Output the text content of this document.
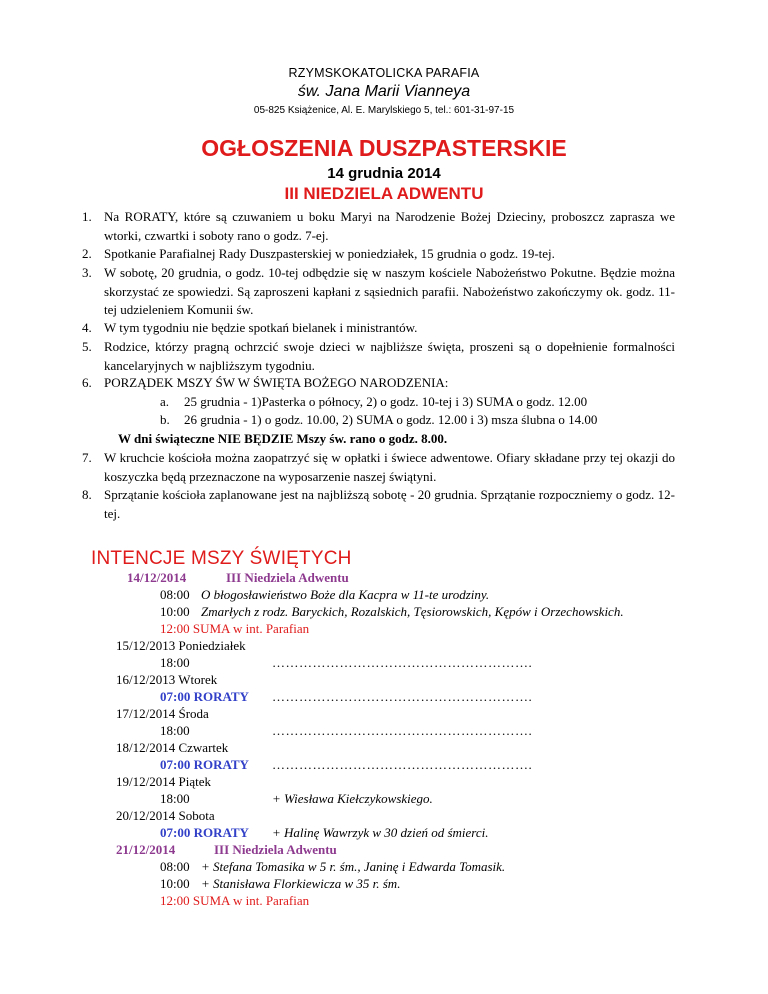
RZYMSKOKATOLICKA PARAFIA
św. Jana Marii Vianneya
05-825 Książenice, Al. E. Marylskiego 5, tel.: 601-31-97-15
OGŁOSZENIA DUSZPASTERSKIE
14 grudnia 2014
III NIEDZIELA ADWENTU
1. Na RORATY, które są czuwaniem u boku Maryi na Narodzenie Bożej Dzieciny, proboszcz zaprasza we wtorki, czwartki i soboty rano o godz. 7-ej.
2. Spotkanie Parafialnej Rady Duszpasterskiej w poniedziałek, 15 grudnia o godz. 19-tej.
3. W sobotę, 20 grudnia, o godz. 10-tej odbędzie się w naszym kościele Nabożeństwo Pokutne. Będzie można skorzystać ze spowiedzi. Są zaproszeni kapłani z sąsiednich parafii. Nabożeństwo zakończymy ok. godz. 11-tej udzieleniem Komunii św.
4. W tym tygodniu nie będzie spotkań bielanek i ministrantów.
5. Rodzice, którzy pragną ochrzcić swoje dzieci w najbliższe święta, proszeni są o dopełnienie formalności kancelaryjnych w najbliższym tygodniu.
6. PORZĄDEK MSZY ŚW W ŚWIĘTA BOŻEGO NARODZENIA:
a.	25 grudnia - 1)Pasterka o północy, 2) o godz. 10-tej i 3) SUMA o godz. 12.00
b.	26 grudnia - 1) o godz. 10.00, 2) SUMA o godz. 12.00 i 3) msza ślubna o 14.00
W dni świąteczne NIE BĘDZIE Mszy św. rano o godz. 8.00.
7. W kruchcie kościoła można zaopatrzyć się w opłatki i świece adwentowe. Ofiary składane przy tej okazji do koszyczka będą przeznaczone na wyposarzenie naszej świątyni.
8. Sprzątanie kościoła zaplanowane jest na najbliższą sobotę - 20 grudnia. Sprzątanie rozpoczniemy o godz. 12-tej.
INTENCJE MSZY ŚWIĘTYCH
14/12/2014	III Niedziela Adwentu
08:00 O błogosławieństwo Boże dla Kacpra w 11-te urodziny.
10:00 Zmarłych z rodz. Baryckich, Rozalskich, Tęsiorowskich, Kępów i Orzechowskich.
12:00 SUMA w int. Parafian
15/12/2013 Poniedziałek
18:00	………………………………………………….
16/12/2013 Wtorek
07:00 RORATY ………………………………………………….
17/12/2014 Środa
18:00	………………………………………………….
18/12/2014 Czwartek
07:00 RORATY ………………………………………………….
19/12/2014 Piątek
18:00	+ Wiesława Kiełczykowskiego.
20/12/2014 Sobota
07:00 RORATY + Halinę Wawrzyk w 30 dzień od śmierci.
21/12/2014	III Niedziela Adwentu
08:00 + Stefana Tomasika w 5 r. śm., Janinę i Edwarda Tomasik.
10:00 + Stanisława Florkiewicza w 35 r. śm.
12:00 SUMA w int. Parafian
